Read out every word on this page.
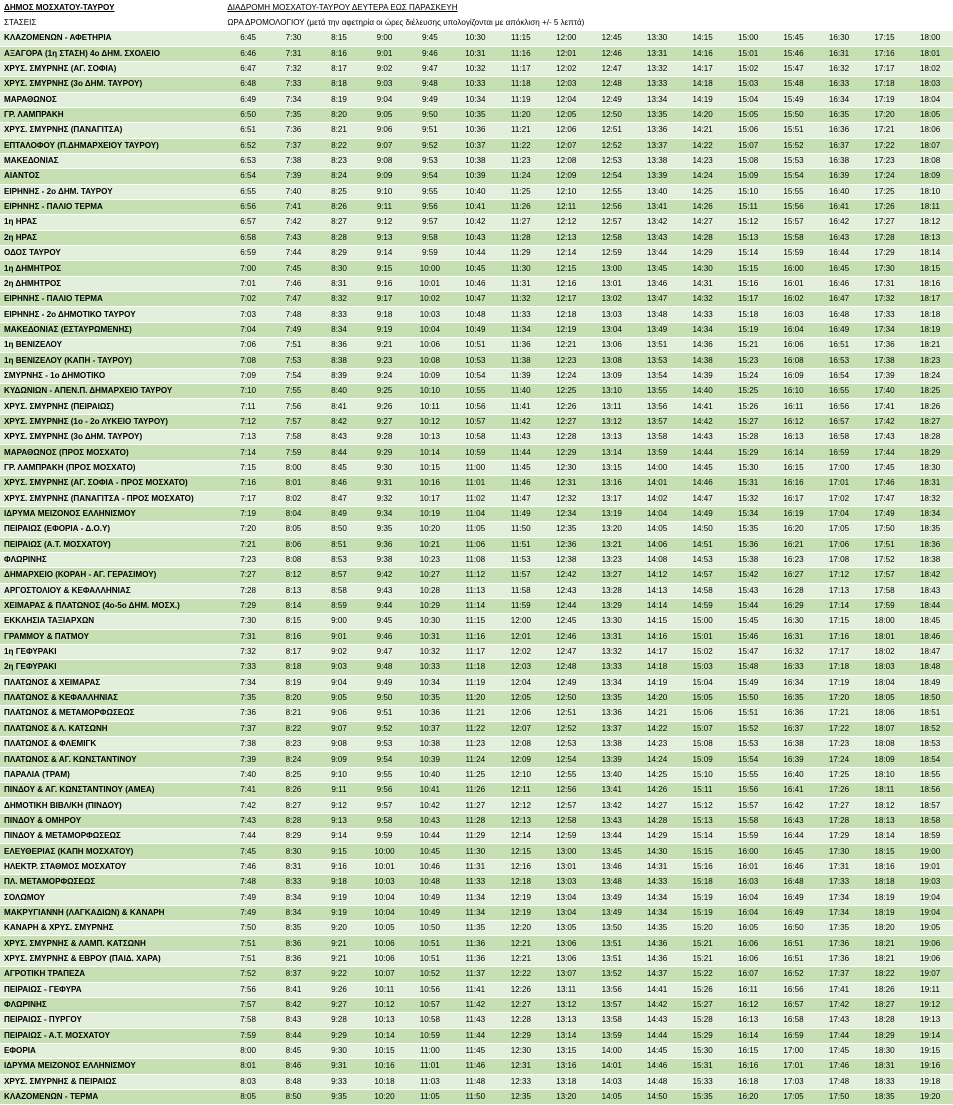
ΔΗΜΟΣ ΜΟΣΧΑΤΟΥ-ΤΑΥΡΟΥ	ΔΙΑΔΡΟΜΗ ΜΟΣΧΑΤΟΥ-ΤΑΥΡΟΥ ΔΕΥΤΕΡΑ ΕΩΣ ΠΑΡΑΣΚΕΥΗ															
ΣΤΑΣΕΙΣ	ΩΡΑ ΔΡΟΜΟΛΟΓΙΟΥ (μετά την αφετηρία οι ώρες διέλευσης υπολογίζονται με απόκλιση +/- 5 λεπτά)															
ΚΛΑΖΟΜΕΝΩΝ - ΑΦΕΤΗΡΙΑ	6:45	7:30	8:15	9:00	9:45	10:30	11:15	12:00	12:45	13:30	14:15	15:00	15:45	16:30	17:15	18:00
ΑΞΑΓΟΡΑ (1η ΣΤΑΣΗ) 4ο ΔΗΜ. ΣΧΟΛΕΙΟ	6:46	7:31	8:16	9:01	9:46	10:31	11:16	12:01	12:46	13:31	14:16	15:01	15:46	16:31	17:16	18:01
ΧΡΥΣ. ΣΜΥΡΝΗΣ (ΑΓ. ΣΟΦΙΑ)	6:47	7:32	8:17	9:02	9:47	10:32	11:17	12:02	12:47	13:32	14:17	15:02	15:47	16:32	17:17	18:02
ΧΡΥΣ. ΣΜΥΡΝΗΣ (3ο ΔΗΜ. ΤΑΥΡΟΥ)	6:48	7:33	8:18	9:03	9:48	10:33	11:18	12:03	12:48	13:33	14:18	15:03	15:48	16:33	17:18	18:03
ΜΑΡΑΘΩΝΟΣ	6:49	7:34	8:19	9:04	9:49	10:34	11:19	12:04	12:49	13:34	14:19	15:04	15:49	16:34	17:19	18:04
ΓΡ. ΛΑΜΠΡΑΚΗ	6:50	7:35	8:20	9:05	9:50	10:35	11:20	12:05	12:50	13:35	14:20	15:05	15:50	16:35	17:20	18:05
ΧΡΥΣ. ΣΜΥΡΝΗΣ (ΠΑΝΑΓΙΤΣΑ)	6:51	7:36	8:21	9:06	9:51	10:36	11:21	12:06	12:51	13:36	14:21	15:06	15:51	16:36	17:21	18:06
ΕΠΤΑΛΟΦΟΥ (Π.ΔΗΜΑΡΧΕΙΟΥ ΤΑΥΡΟΥ)	6:52	7:37	8:22	9:07	9:52	10:37	11:22	12:07	12:52	13:37	14:22	15:07	15:52	16:37	17:22	18:07
ΜΑΚΕΔΟΝΙΑΣ	6:53	7:38	8:23	9:08	9:53	10:38	11:23	12:08	12:53	13:38	14:23	15:08	15:53	16:38	17:23	18:08
ΑΙΑΝΤΟΣ	6:54	7:39	8:24	9:09	9:54	10:39	11:24	12:09	12:54	13:39	14:24	15:09	15:54	16:39	17:24	18:09
ΕΙΡΗΝΗΣ - 2ο ΔΗΜ. ΤΑΥΡΟΥ	6:55	7:40	8:25	9:10	9:55	10:40	11:25	12:10	12:55	13:40	14:25	15:10	15:55	16:40	17:25	18:10
ΕΙΡΗΝΗΣ - ΠΑΛΙΟ ΤΕΡΜΑ	6:56	7:41	8:26	9:11	9:56	10:41	11:26	12:11	12:56	13:41	14:26	15:11	15:56	16:41	17:26	18:11
1η ΗΡΑΣ	6:57	7:42	8:27	9:12	9:57	10:42	11:27	12:12	12:57	13:42	14:27	15:12	15:57	16:42	17:27	18:12
2η ΗΡΑΣ	6:58	7:43	8:28	9:13	9:58	10:43	11:28	12:13	12:58	13:43	14:28	15:13	15:58	16:43	17:28	18:13
ΟΔΟΣ ΤΑΥΡΟΥ	6:59	7:44	8:29	9:14	9:59	10:44	11:29	12:14	12:59	13:44	14:29	15:14	15:59	16:44	17:29	18:14
1η ΔΗΜΗΤΡΟΣ	7:00	7:45	8:30	9:15	10:00	10:45	11:30	12:15	13:00	13:45	14:30	15:15	16:00	16:45	17:30	18:15
2η ΔΗΜΗΤΡΟΣ	7:01	7:46	8:31	9:16	10:01	10:46	11:31	12:16	13:01	13:46	14:31	15:16	16:01	16:46	17:31	18:16
ΕΙΡΗΝΗΣ - ΠΑΛΙΟ ΤΕΡΜΑ	7:02	7:47	8:32	9:17	10:02	10:47	11:32	12:17	13:02	13:47	14:32	15:17	16:02	16:47	17:32	18:17
ΕΙΡΗΝΗΣ - 2ο ΔΗΜΟΤΙΚΟ ΤΑΥΡΟΥ	7:03	7:48	8:33	9:18	10:03	10:48	11:33	12:18	13:03	13:48	14:33	15:18	16:03	16:48	17:33	18:18
ΜΑΚΕΔΟΝΙΑΣ (ΕΣΤΑΥΡΩΜΕΝΗΣ)	7:04	7:49	8:34	9:19	10:04	10:49	11:34	12:19	13:04	13:49	14:34	15:19	16:04	16:49	17:34	18:19
1η ΒΕΝΙΖΕΛΟΥ	7:06	7:51	8:36	9:21	10:06	10:51	11:36	12:21	13:06	13:51	14:36	15:21	16:06	16:51	17:36	18:21
1η ΒΕΝΙΖΕΛΟΥ (ΚΑΠΗ - ΤΑΥΡΟΥ)	7:08	7:53	8:38	9:23	10:08	10:53	11:38	12:23	13:08	13:53	14:38	15:23	16:08	16:53	17:38	18:23
ΣΜΥΡΝΗΣ - 1ο ΔΗΜΟΤΙΚΟ	7:09	7:54	8:39	9:24	10:09	10:54	11:39	12:24	13:09	13:54	14:39	15:24	16:09	16:54	17:39	18:24
ΚΥΔΩΝΙΩΝ - ΑΠΕΝ.Π. ΔΗΜΑΡΧΕΙΟ ΤΑΥΡΟΥ	7:10	7:55	8:40	9:25	10:10	10:55	11:40	12:25	13:10	13:55	14:40	15:25	16:10	16:55	17:40	18:25
ΧΡΥΣ. ΣΜΥΡΝΗΣ (ΠΕΙΡΑΙΩΣ)	7:11	7:56	8:41	9:26	10:11	10:56	11:41	12:26	13:11	13:56	14:41	15:26	16:11	16:56	17:41	18:26
ΧΡΥΣ. ΣΜΥΡΝΗΣ (1ο - 2ο ΛΥΚΕΙΟ ΤΑΥΡΟΥ)	7:12	7:57	8:42	9:27	10:12	10:57	11:42	12:27	13:12	13:57	14:42	15:27	16:12	16:57	17:42	18:27
ΧΡΥΣ. ΣΜΥΡΝΗΣ (3ο ΔΗΜ. ΤΑΥΡΟΥ)	7:13	7:58	8:43	9:28	10:13	10:58	11:43	12:28	13:13	13:58	14:43	15:28	16:13	16:58	17:43	18:28
ΜΑΡΑΘΩΝΟΣ (ΠΡΟΣ ΜΟΣΧΑΤΟ)	7:14	7:59	8:44	9:29	10:14	10:59	11:44	12:29	13:14	13:59	14:44	15:29	16:14	16:59	17:44	18:29
ΓΡ. ΛΑΜΠΡΑΚΗ (ΠΡΟΣ ΜΟΣΧΑΤΟ)	7:15	8:00	8:45	9:30	10:15	11:00	11:45	12:30	13:15	14:00	14:45	15:30	16:15	17:00	17:45	18:30
ΧΡΥΣ. ΣΜΥΡΝΗΣ (ΑΓ. ΣΟΦΙΑ - ΠΡΟΣ ΜΟΣΧΑΤΟ)	7:16	8:01	8:46	9:31	10:16	11:01	11:46	12:31	13:16	14:01	14:46	15:31	16:16	17:01	17:46	18:31
ΧΡΥΣ. ΣΜΥΡΝΗΣ (ΠΑΝΑΓΙΤΣΑ - ΠΡΟΣ ΜΟΣΧΑΤΟ)	7:17	8:02	8:47	9:32	10:17	11:02	11:47	12:32	13:17	14:02	14:47	15:32	16:17	17:02	17:47	18:32
ΙΔΡΥΜΑ ΜΕΙΖΟΝΟΣ ΕΛΛΗΝΙΣΜΟΥ	7:19	8:04	8:49	9:34	10:19	11:04	11:49	12:34	13:19	14:04	14:49	15:34	16:19	17:04	17:49	18:34
ΠΕΙΡΑΙΩΣ (ΕΦΟΡΙΑ - Δ.Ο.Υ)	7:20	8:05	8:50	9:35	10:20	11:05	11:50	12:35	13:20	14:05	14:50	15:35	16:20	17:05	17:50	18:35
ΠΕΙΡΑΙΩΣ (Α.Τ. ΜΟΣΧΑΤΟΥ)	7:21	8:06	8:51	9:36	10:21	11:06	11:51	12:36	13:21	14:06	14:51	15:36	16:21	17:06	17:51	18:36
ΦΛΩΡΙΝΗΣ	7:23	8:08	8:53	9:38	10:23	11:08	11:53	12:38	13:23	14:08	14:53	15:38	16:23	17:08	17:52	18:38
ΔΗΜΑΡΧΕΙΟ (ΚΟΡΑΗ - ΑΓ. ΓΕΡΑΣΙΜΟΥ)	7:27	8:12	8:57	9:42	10:27	11:12	11:57	12:42	13:27	14:12	14:57	15:42	16:27	17:12	17:57	18:42
ΑΡΓΟΣΤΟΛΙΟΥ & ΚΕΦΑΛΛΗΝΙΑΣ	7:28	8:13	8:58	9:43	10:28	11:13	11:58	12:43	13:28	14:13	14:58	15:43	16:28	17:13	17:58	18:43
ΧΕΙΜΑΡΑΣ & ΠΛΑΤΩΝΟΣ (4ο-5ο ΔΗΜ. ΜΟΣΧ.)	7:29	8:14	8:59	9:44	10:29	11:14	11:59	12:44	13:29	14:14	14:59	15:44	16:29	17:14	17:59	18:44
ΕΚΚΛΗΣΙΑ ΤΑΞΙΑΡΧΩΝ	7:30	8:15	9:00	9:45	10:30	11:15	12:00	12:45	13:30	14:15	15:00	15:45	16:30	17:15	18:00	18:45
ΓΡΑΜΜΟΥ & ΠΑΤΜΟΥ	7:31	8:16	9:01	9:46	10:31	11:16	12:01	12:46	13:31	14:16	15:01	15:46	16:31	17:16	18:01	18:46
1η ΓΕΦΥΡΑΚΙ	7:32	8:17	9:02	9:47	10:32	11:17	12:02	12:47	13:32	14:17	15:02	15:47	16:32	17:17	18:02	18:47
2η ΓΕΦΥΡΑΚΙ	7:33	8:18	9:03	9:48	10:33	11:18	12:03	12:48	13:33	14:18	15:03	15:48	16:33	17:18	18:03	18:48
ΠΛΑΤΩΝΟΣ & ΧΕΙΜΑΡΑΣ	7:34	8:19	9:04	9:49	10:34	11:19	12:04	12:49	13:34	14:19	15:04	15:49	16:34	17:19	18:04	18:49
ΠΛΑΤΩΝΟΣ & ΚΕΦΑΛΛΗΝΙΑΣ	7:35	8:20	9:05	9:50	10:35	11:20	12:05	12:50	13:35	14:20	15:05	15:50	16:35	17:20	18:05	18:50
ΠΛΑΤΩΝΟΣ & ΜΕΤΑΜΟΡΦΩΣΕΩΣ	7:36	8:21	9:06	9:51	10:36	11:21	12:06	12:51	13:36	14:21	15:06	15:51	16:36	17:21	18:06	18:51
ΠΛΑΤΩΝΟΣ & Λ. ΚΑΤΣΩΝΗ	7:37	8:22	9:07	9:52	10:37	11:22	12:07	12:52	13:37	14:22	15:07	15:52	16:37	17:22	18:07	18:52
ΠΛΑΤΩΝΟΣ & ΦΛΕΜΙΓΚ	7:38	8:23	9:08	9:53	10:38	11:23	12:08	12:53	13:38	14:23	15:08	15:53	16:38	17:23	18:08	18:53
ΠΛΑΤΩΝΟΣ & ΑΓ. ΚΩΝΣΤΑΝΤΙΝΟΥ	7:39	8:24	9:09	9:54	10:39	11:24	12:09	12:54	13:39	14:24	15:09	15:54	16:39	17:24	18:09	18:54
ΠΑΡΑΛΙΑ (ΤΡΑΜ)	7:40	8:25	9:10	9:55	10:40	11:25	12:10	12:55	13:40	14:25	15:10	15:55	16:40	17:25	18:10	18:55
ΠΙΝΔΟΥ & ΑΓ. ΚΩΝΣΤΑΝΤΙΝΟΥ (ΑΜΕΑ)	7:41	8:26	9:11	9:56	10:41	11:26	12:11	12:56	13:41	14:26	15:11	15:56	16:41	17:26	18:11	18:56
ΔΗΜΟΤΙΚΗ ΒΙΒΛ/ΚΗ (ΠΙΝΔΟΥ)	7:42	8:27	9:12	9:57	10:42	11:27	12:12	12:57	13:42	14:27	15:12	15:57	16:42	17:27	18:12	18:57
ΠΙΝΔΟΥ & ΟΜΗΡΟΥ	7:43	8:28	9:13	9:58	10:43	11:28	12:13	12:58	13:43	14:28	15:13	15:58	16:43	17:28	18:13	18:58
ΠΙΝΔΟΥ & ΜΕΤΑΜΟΡΦΩΣΕΩΣ	7:44	8:29	9:14	9:59	10:44	11:29	12:14	12:59	13:44	14:29	15:14	15:59	16:44	17:29	18:14	18:59
ΕΛΕΥΘΕΡΙΑΣ (ΚΑΠΗ ΜΟΣΧΑΤΟΥ)	7:45	8:30	9:15	10:00	10:45	11:30	12:15	13:00	13:45	14:30	15:15	16:00	16:45	17:30	18:15	19:00
ΗΛΕΚΤΡ. ΣΤΑΘΜΟΣ ΜΟΣΧΑΤΟΥ	7:46	8:31	9:16	10:01	10:46	11:31	12:16	13:01	13:46	14:31	15:16	16:01	16:46	17:31	18:16	19:01
ΠΛ. ΜΕΤΑΜΟΡΦΩΣΕΩΣ	7:48	8:33	9:18	10:03	10:48	11:33	12:18	13:03	13:48	14:33	15:18	16:03	16:48	17:33	18:18	19:03
ΣΟΛΩΜΟΥ	7:49	8:34	9:19	10:04	10:49	11:34	12:19	13:04	13:49	14:34	15:19	16:04	16:49	17:34	18:19	19:04
ΜΑΚΡΥΓΙΑΝΝΗ (ΛΑΓΚΑΔΙΩΝ) & ΚΑΝΑΡΗ	7:49	8:34	9:19	10:04	10:49	11:34	12:19	13:04	13:49	14:34	15:19	16:04	16:49	17:34	18:19	19:04
ΚΑΝΑΡΗ & ΧΡΥΣ. ΣΜΥΡΝΗΣ	7:50	8:35	9:20	10:05	10:50	11:35	12:20	13:05	13:50	14:35	15:20	16:05	16:50	17:35	18:20	19:05
ΧΡΥΣ. ΣΜΥΡΝΗΣ & ΛΑΜΠ. ΚΑΤΣΩΝΗ	7:51	8:36	9:21	10:06	10:51	11:36	12:21	13:06	13:51	14:36	15:21	16:06	16:51	17:36	18:21	19:06
ΧΡΥΣ. ΣΜΥΡΝΗΣ & ΕΒΡΟΥ (ΠΑΙΔ. ΧΑΡΑ)	7:51	8:36	9:21	10:06	10:51	11:36	12:21	13:06	13:51	14:36	15:21	16:06	16:51	17:36	18:21	19:06
ΑΓΡΟΤΙΚΗ ΤΡΑΠΕΖΑ	7:52	8:37	9:22	10:07	10:52	11:37	12:22	13:07	13:52	14:37	15:22	16:07	16:52	17:37	18:22	19:07
ΠΕΙΡΑΙΩΣ - ΓΕΦΥΡΑ	7:56	8:41	9:26	10:11	10:56	11:41	12:26	13:11	13:56	14:41	15:26	16:11	16:56	17:41	18:26	19:11
ΦΛΩΡΙΝΗΣ	7:57	8:42	9:27	10:12	10:57	11:42	12:27	13:12	13:57	14:42	15:27	16:12	16:57	17:42	18:27	19:12
ΠΕΙΡΑΙΩΣ - ΠΥΡΓΟΥ	7:58	8:43	9:28	10:13	10:58	11:43	12:28	13:13	13:58	14:43	15:28	16:13	16:58	17:43	18:28	19:13
ΠΕΙΡΑΙΩΣ - Α.Τ. ΜΟΣΧΑΤΟΥ	7:59	8:44	9:29	10:14	10:59	11:44	12:29	13:14	13:59	14:44	15:29	16:14	16:59	17:44	18:29	19:14
ΕΦΟΡΙΑ	8:00	8:45	9:30	10:15	11:00	11:45	12:30	13:15	14:00	14:45	15:30	16:15	17:00	17:45	18:30	19:15
ΙΔΡΥΜΑ ΜΕΙΖΟΝΟΣ ΕΛΛΗΝΙΣΜΟΥ	8:01	8:46	9:31	10:16	11:01	11:46	12:31	13:16	14:01	14:46	15:31	16:16	17:01	17:46	18:31	19:16
ΧΡΥΣ. ΣΜΥΡΝΗΣ & ΠΕΙΡΑΙΩΣ	8:03	8:48	9:33	10:18	11:03	11:48	12:33	13:18	14:03	14:48	15:33	16:18	17:03	17:48	18:33	19:18
ΚΛΑΖΟΜΕΝΩΝ - ΤΕΡΜΑ	8:05	8:50	9:35	10:20	11:05	11:50	12:35	13:20	14:05	14:50	15:35	16:20	17:05	17:50	18:35	19:20
